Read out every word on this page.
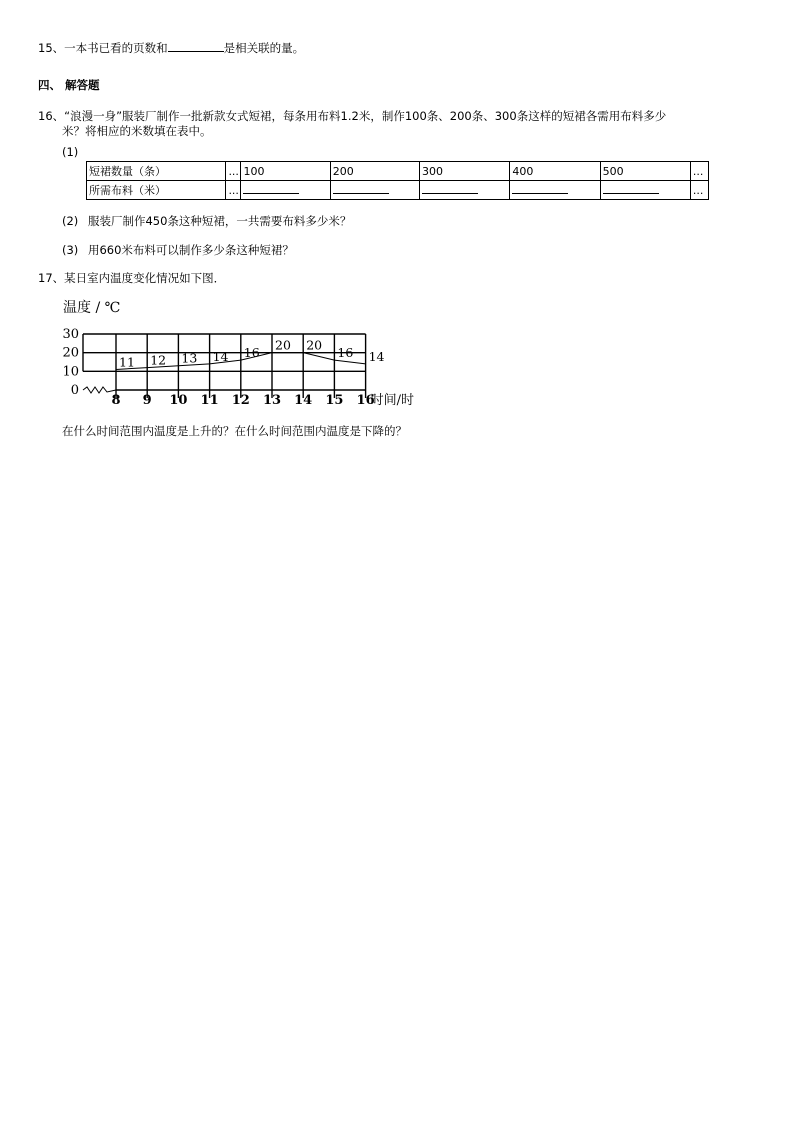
15、一本书已看的页数和	是相关联的量。
四、 解答题
16、“浪漫一身”服装厂制作一批新款女式短裙，每条用布料1.2米，制作100条、200条、300条这样的短裙各需用布料多少
米？将相应的米数填在表中。
(1)
短裙数量（条）	...	100	200	300	400	500	...
所需布料（米）	...						...
(2) 服装厂制作450条这种短裙，一共需要布料多少米？
(3) 用660米布料可以制作多少条这种短裙？
17、某日室内温度变化情况如下图．
30
20
10
0
8 9 10 11 12 13 14 15 16
11 12 13 14 16 20 20 16 14
温度 / ℃
时间/时
在什么时间范围内温度是上升的？在什么时间范围内温度是下降的？
